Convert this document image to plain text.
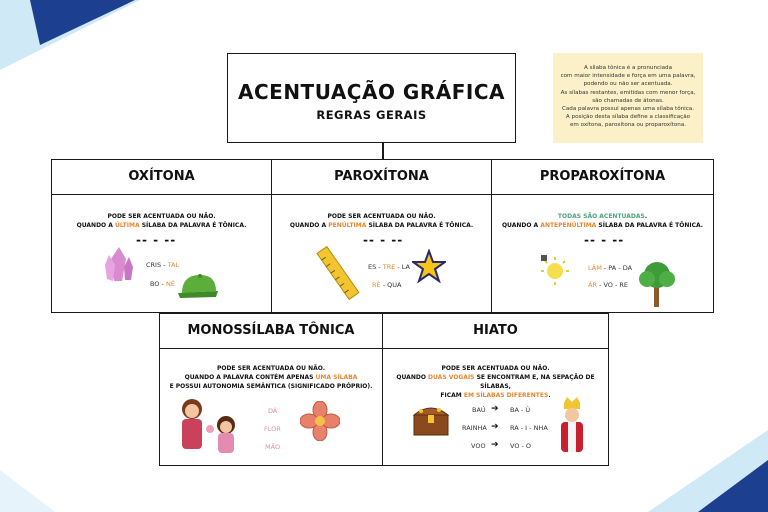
ACENTUAÇÃO GRÁFICA
REGRAS GERAIS
A sílaba tônica é a pronunciada
com maior intensidade e força em uma palavra,
podendo ou não ser acentuada.
As sílabas restantes, emitidas com menor força,
são chamadas de átonas.
Cada palavra possui apenas uma sílaba tônica.
A posição desta sílaba define a classificação
em oxítona, paroxítona ou proparoxítona.
OXÍTONA
PODE SER ACENTUADA OU NÃO.
QUANDO A ÚLTIMA SÍLABA DA PALAVRA É TÔNICA.
-- - --
CRIS - TAL
BO - NÉ
PAROXÍTONA
PODE SER ACENTUADA OU NÃO.
QUANDO A PENÚLTIMA SÍLABA DA PALAVRA É TÔNICA.
-- - --
ES - TRE - LA
RÉ - QUA
PROPAROXÍTONA
TODAS SÃO ACENTUADAS.
QUANDO A ANTEPENÚLTIMA SÍLABA DA PALAVRA É TÔNICA.
-- - --
LÂM - PA - DA
ÁR - VO - RE
MONOSSÍLABA TÔNICA
PODE SER ACENTUADA OU NÃO.
QUANDO A PALAVRA CONTÉM APENAS UMA SÍLABA
E POSSUI AUTONOMIA SEMÂNTICA (SIGNIFICADO PRÓPRIO).
DÁ
FLOR
MÃO
HIATO
PODE SER ACENTUADA OU NÃO.
QUANDO DUAS VOGAIS SE ENCONTRAM E, NA SEPAÇÃO DE SÍLABAS,
FICAM EM SÍLABAS DIFERENTES.
BAÚ ➔ BA - Ú
RAINHA ➔ RA - I - NHA
VOO ➔ VO - O
